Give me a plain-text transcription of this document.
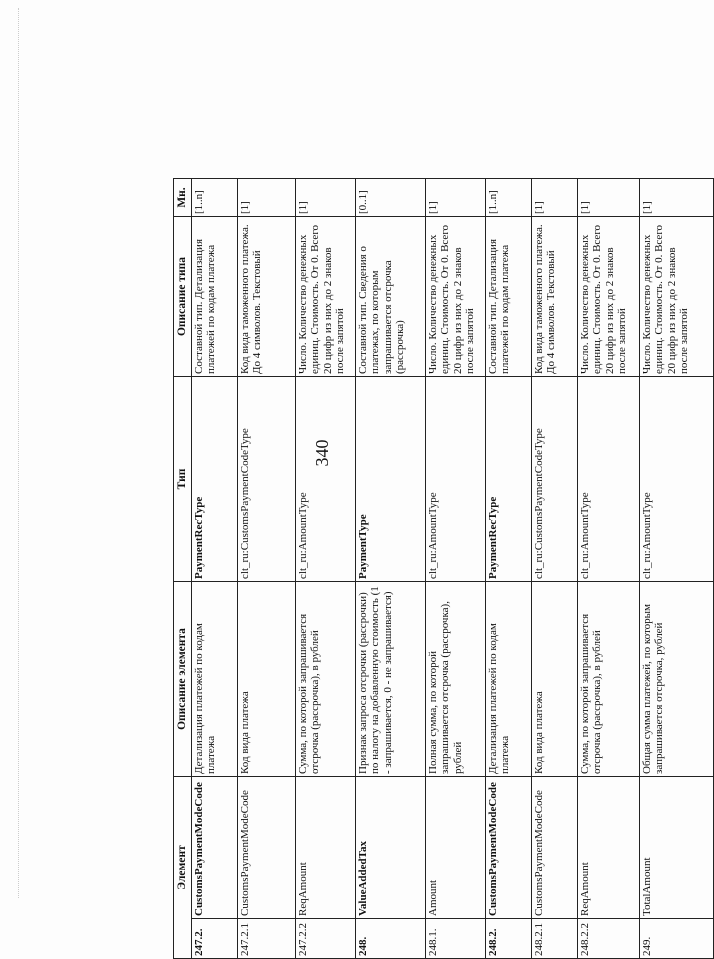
340
Элемент		Описание элемента	Тип	Описание типа	Мн.
247.2.	CustomsPaymentModeCode	Детализация платежей по кодам платежа	PaymentRecType	Составной тип. Детализация платежей по кодам платежа	[1..n]
247.2.1	CustomsPaymentModeCode	Код вида платежа	clt_ru:CustomsPaymentCodeType	Код вида таможенного платежа. До 4 символов. Текстовый	[1]
247.2.2	ReqAmount	Сумма, по которой запрашивается отсрочка (рассрочка), в рублей	clt_ru:AmountType	Число. Количество денежных единиц. Стоимость. От 0. Всего 20 цифр из них до 2 знаков после запятой	[1]
248.	ValueAddedTax	Признак запроса отсрочки (рассрочки) по налогу на добавленную стоимость (1 - запрашивается, 0 - не запрашивается)	PaymentType	Составной тип. Сведения о платежах, по которым запрашивается отсрочка (рассрочка)	[0..1]
248.1.	Amount	Полная сумма, по которой запрашивается отсрочка (рассрочка), рублей	clt_ru:AmountType	Число. Количество денежных единиц. Стоимость. От 0. Всего 20 цифр из них до 2 знаков после запятой	[1]
248.2.	CustomsPaymentModeCode	Детализация платежей по кодам платежа	PaymentRecType	Составной тип. Детализация платежей по кодам платежа	[1..n]
248.2.1	CustomsPaymentModeCode	Код вида платежа	clt_ru:CustomsPaymentCodeType	Код вида таможенного платежа. До 4 символов. Текстовый	[1]
248.2.2	ReqAmount	Сумма, по которой запрашивается отсрочка (рассрочка), в рублей	clt_ru:AmountType	Число. Количество денежных единиц. Стоимость. От 0. Всего 20 цифр из них до 2 знаков после запятой	[1]
249.	TotalAmount	Общая сумма платежей, по которым запрашивается отсрочка, рублей	clt_ru:AmountType	Число. Количество денежных единиц. Стоимость. От 0. Всего 20 цифр из них до 2 знаков после запятой	[1]
